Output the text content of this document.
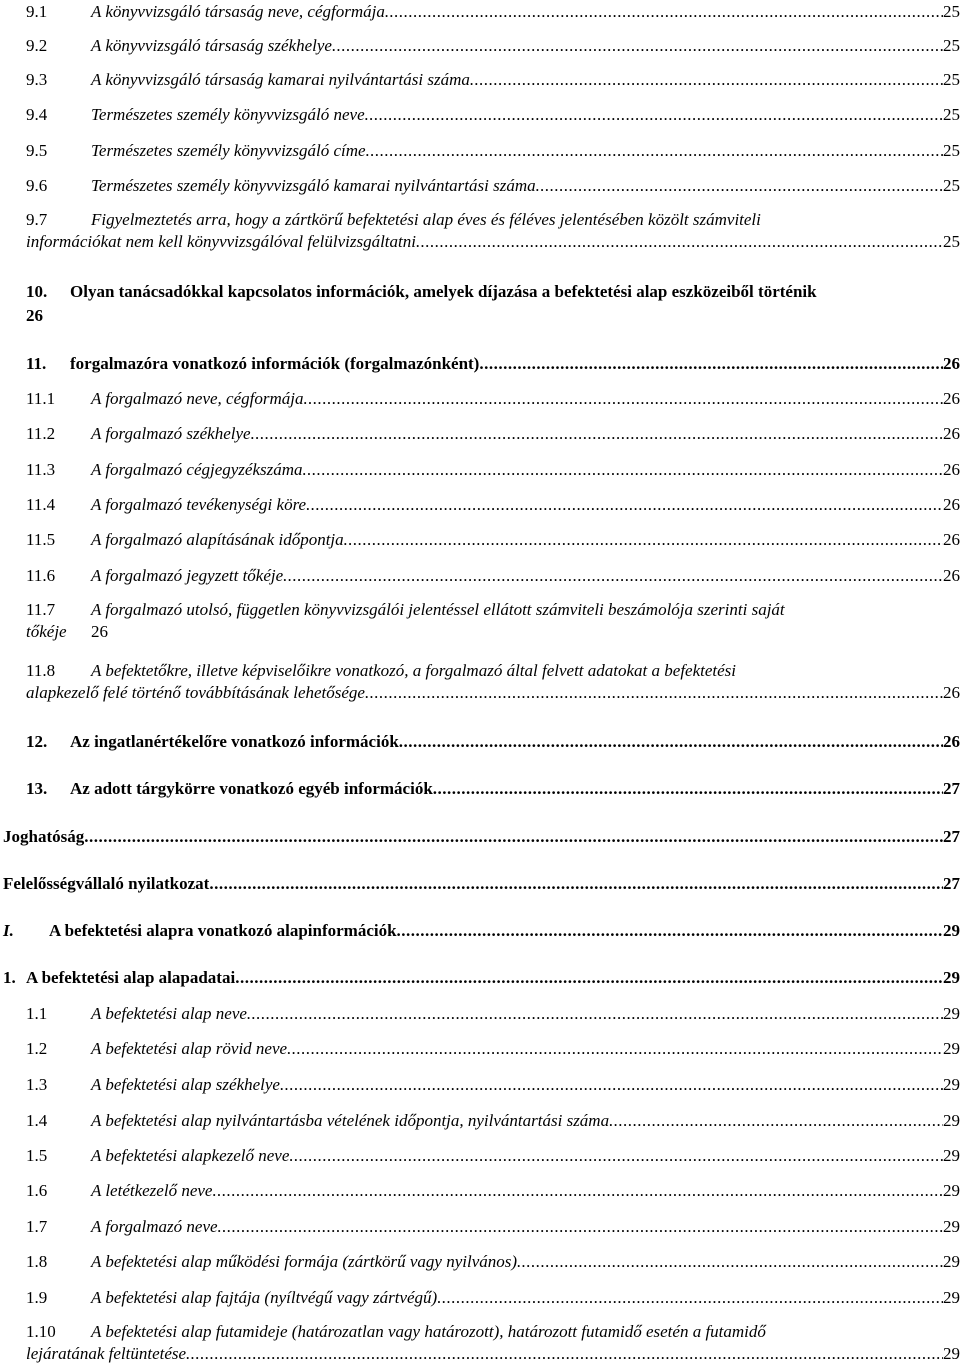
9.1	A könyvvizsgáló társaság neve, cégformája .....	25
9.2	A könyvvizsgáló társaság székhelye .....	25
9.3	A könyvvizsgáló társaság kamarai nyilvántartási száma .....	25
9.4	Természetes személy könyvvizsgáló neve .....	25
9.5	Természetes személy könyvvizsgáló címe .....	25
9.6	Természetes személy könyvvizsgáló kamarai nyilvántartási száma .....	25
9.7	Figyelmeztetés arra, hogy a zártkörű befektetési alap éves és féléves jelentésében közölt számviteli
információkat nem kell könyvvizsgálóval felülvizsgáltatni .....	25
10. Olyan tanácsadókkal kapcsolatos információk, amelyek díjazása a befektetési alap eszközeiből történik
26
11.	forgalmazóra vonatkozó információk (forgalmazónként) .....	26
11.1	A forgalmazó neve, cégformája .....	26
11.2	A forgalmazó székhelye .....	26
11.3	A forgalmazó cégjegyzékszáma .....	26
11.4	A forgalmazó tevékenységi köre .....	26
11.5	A forgalmazó alapításának időpontja .....	26
11.6	A forgalmazó jegyzett tőkéje .....	26
11.7 A forgalmazó utolsó, független könyvvizsgálói jelentéssel ellátott számviteli beszámolója szerinti saját
tőkéje 26
11.8 A befektetőkre, illetve képviselőikre vonatkozó, a forgalmazó által felvett adatokat a befektetési
alapkezelő felé történő továbbításának lehetősége .....	26
12.	Az ingatlanértékelőre vonatkozó információk .....	26
13.	Az adott tárgykörre vonatkozó egyéb információk .....	27
Joghatóság .....	27
Felelősségvállaló nyilatkozat .....	27
I.	A befektetési alapra vonatkozó alapinformációk .....	29
1. A befektetési alap alapadatai .....	29
1.1	A befektetési alap neve .....	29
1.2	A befektetési alap rövid neve .....	29
1.3	A befektetési alap székhelye .....	29
1.4	A befektetési alap nyilvántartásba vételének időpontja, nyilvántartási száma .....	29
1.5	A befektetési alapkezelő neve .....	29
1.6	A letétkezelő neve .....	29
1.7	A forgalmazó neve .....	29
1.8	A befektetési alap működési formája (zártkörű vagy nyilvános) .....	29
1.9	A befektetési alap fajtája (nyíltvégű vagy zártvégű) .....	29
1.10 A befektetési alap futamideje (határozatlan vagy határozott), határozott futamidő esetén a futamidő
lejáratának feltüntetése .....	29
